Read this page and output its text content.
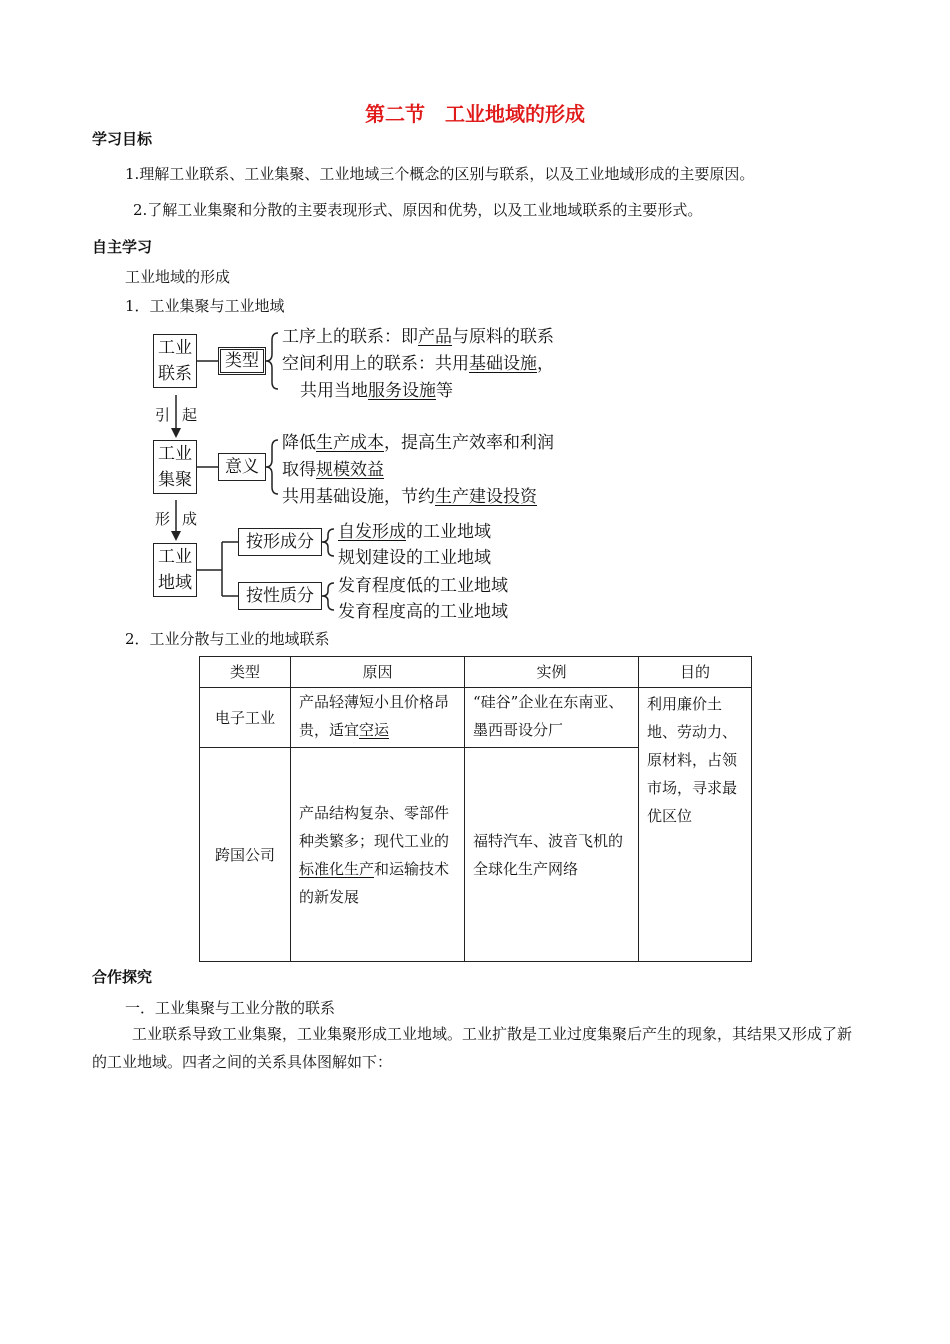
第二节　工业地域的形成
学习目标
1.理解工业联系、工业集聚、工业地域三个概念的区别与联系，以及工业地域形成的主要原因。
2.了解工业集聚和分散的主要表现形式、原因和优势，以及工业地域联系的主要形式。
自主学习
工业地域的形成
1．工业集聚与工业地域
工业联系
类型
工序上的联系：即产品与原料的联系
空间利用上的联系：共用基础设施，
共用当地服务设施等
引 起
工业集聚
意义
降低生产成本，提高生产效率和利润
取得规模效益
共用基础设施，节约生产建设投资
形 成
工业地域
按形成分
按性质分
自发形成的工业地域
规划建设的工业地域
发育程度低的工业地域
发育程度高的工业地域
2．工业分散与工业的地域联系
类型	原因	实例	目的
电子工业	产品轻薄短小且价格昂贵，适宜空运	“硅谷”企业在东南亚、墨西哥设分厂	利用廉价土地、劳动力、原材料，占领市场，寻求最优区位
跨国公司	产品结构复杂、零部件种类繁多；现代工业的标准化生产和运输技术的新发展	福特汽车、波音飞机的全球化生产网络	
合作探究
一．工业集聚与工业分散的联系
工业联系导致工业集聚，工业集聚形成工业地域。工业扩散是工业过度集聚后产生的现象，其结果又形成了新的工业地域。四者之间的关系具体图解如下：
